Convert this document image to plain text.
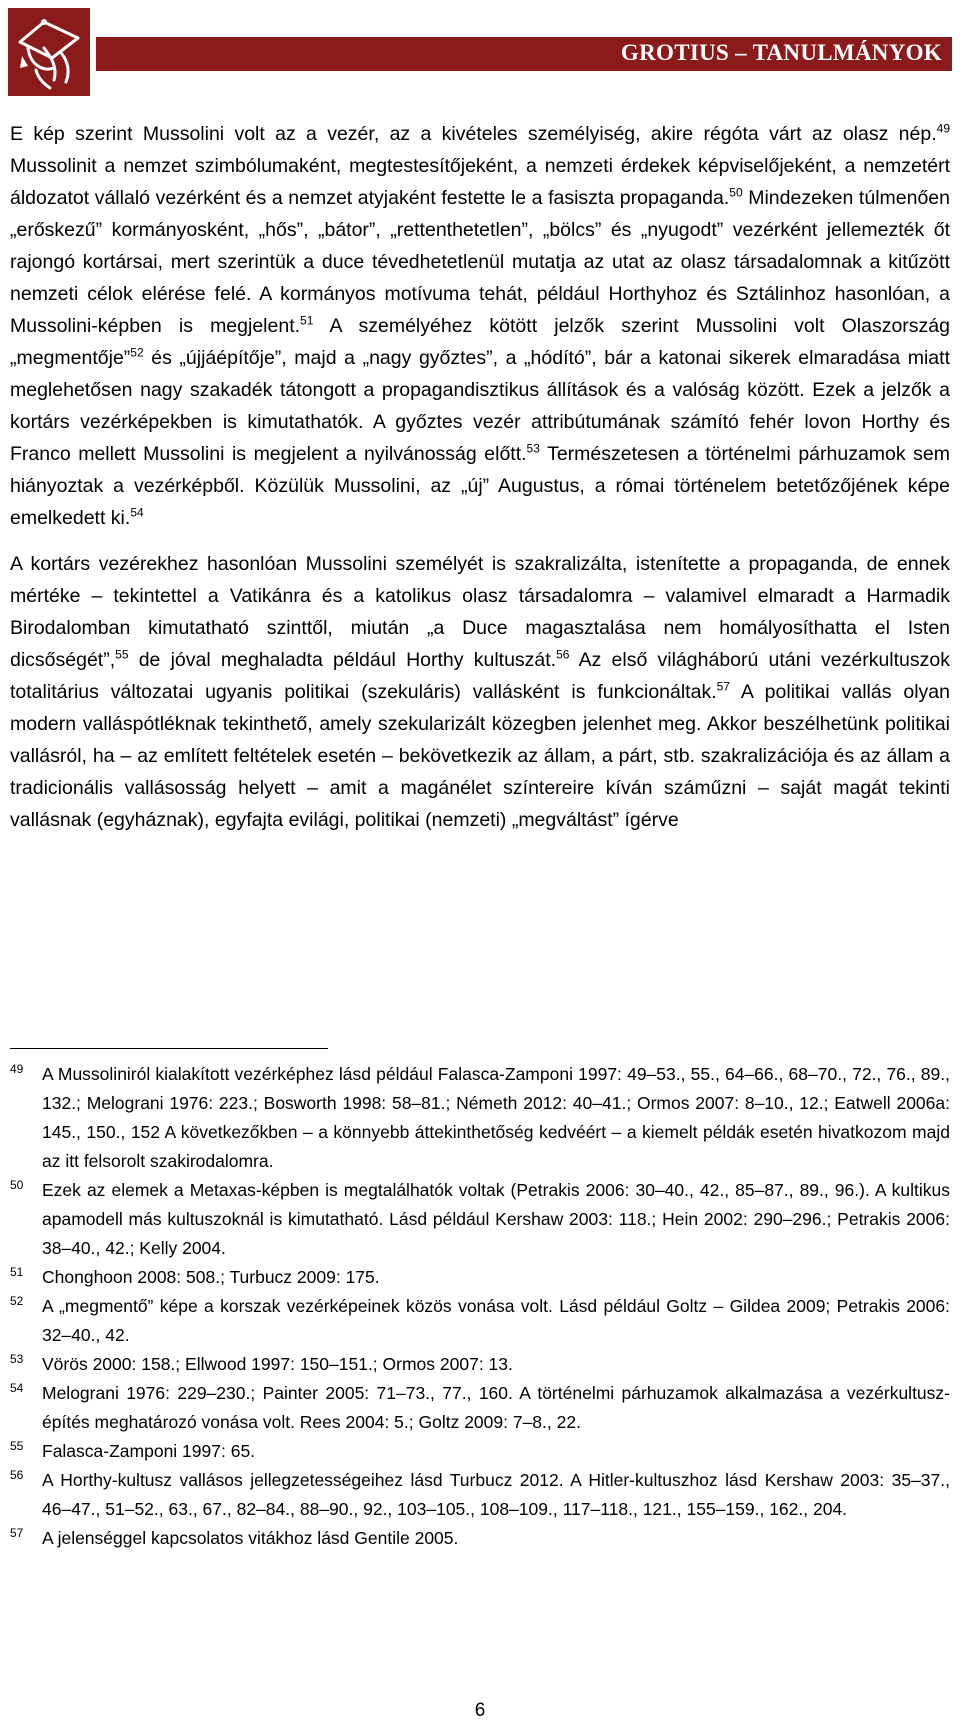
GROTIUS – TANULMÁNYOK

E kép szerint Mussolini volt az a vezér, az a kivételes személyiség, akire régóta várt az olasz nép.$^{49}$ Mussolinit a nemzet szimbólumaként, megtestesítőjeként, a nemzeti érdekek képviselőjeként, a nemzetért áldozatot vállaló vezérként és a nemzet atyjaként festette le a fasiszta propaganda.$^{50}$ Mindezeken túlmenően „erőskezű” kormányosként, „hős”, „bátor”, „rettenthetetlen”, „bölcs” és „nyugodt” vezérként jellemezték őt rajongó kortársai, mert szerintük a duce tévedhetetlenül mutatja az utat az olasz társadalomnak a kitűzött nemzeti célok elérése felé. A kormányos motívuma tehát, például Horthyhoz és Sztálinhoz hasonlóan, a Mussolini-képben is megjelent.$^{51}$ A személyéhez kötött jelzők szerint Mussolini volt Olaszország „megmentője”$^{52}$ és „újjáépítője”, majd a „nagy győztes”, a „hódító”, bár a katonai sikerek elmaradása miatt meglehetősen nagy szakadék tátongott a propagandisztikus állítások és a valóság között. Ezek a jelzők a kortárs vezérképekben is kimutathatók. A győztes vezér attribútumának számító fehér lovon Horthy és Franco mellett Mussolini is megjelent a nyilvánosság előtt.$^{53}$ Természetesen a történelmi párhuzamok sem hiányoztak a vezérképből. Közülük Mussolini, az „új” Augustus, a római történelem betetőzőjének képe emelkedett ki.$^{54}$

A kortárs vezérekhez hasonlóan Mussolini személyét is szakralizálta, istenítette a propaganda, de ennek mértéke – tekintettel a Vatikánra és a katolikus olasz társadalomra – valamivel elmaradt a Harmadik Birodalomban kimutatható szinttől, miután „a Duce magasztalása nem homályosíthatta el Isten dicsőségét”,$^{55}$ de jóval meghaladta például Horthy kultuszát.$^{56}$ Az első világháború utáni vezérkultuszok totalitárius változatai ugyanis politikai (szekuláris) vallásként is funkcionáltak.$^{57}$ A politikai vallás olyan modern valláspótléknak tekinthető, amely szekularizált közegben jelenhet meg. Akkor beszélhetünk politikai vallásról, ha – az említett feltételek esetén – bekövetkezik az állam, a párt, stb. szakralizációja és az állam a tradicionális vallásosság helyett – amit a magánélet színtereire kíván száműzni – saját magát tekinti vallásnak (egyháznak), egyfajta evilági, politikai (nemzeti) „megváltást” ígérve

49 A Mussoliniról kialakított vezérképhez lásd például Falasca-Zamponi 1997: 49–53., 55., 64–66., 68–70., 72., 76., 89., 132.; Melograni 1976: 223.; Bosworth 1998: 58–81.; Németh 2012: 40–41.; Ormos 2007: 8–10., 12.; Eatwell 2006a: 145., 150., 152 A következőkben – a könnyebb áttekinthetőség kedvéért – a kiemelt példák esetén hivatkozom majd az itt felsorolt szakirodalomra.

50 Ezek az elemek a Metaxas-képben is megtalálhatók voltak (Petrakis 2006: 30–40., 42., 85–87., 89., 96.). A kultikus apamodell más kultuszoknál is kimutatható. Lásd például Kershaw 2003: 118.; Hein 2002: 290–296.; Petrakis 2006: 38–40., 42.; Kelly 2004.

51 Chonghoon 2008: 508.; Turbucz 2009: 175.

52 A „megmentő” képe a korszak vezérképeinek közös vonása volt. Lásd például Goltz – Gildea 2009; Petrakis 2006: 32–40., 42.

53 Vörös 2000: 158.; Ellwood 1997: 150–151.; Ormos 2007: 13.

54 Melograni 1976: 229–230.; Painter 2005: 71–73., 77., 160. A történelmi párhuzamok alkalmazása a vezérkultusz-építés meghatározó vonása volt. Rees 2004: 5.; Goltz 2009: 7–8., 22.

55 Falasca-Zamponi 1997: 65.

56 A Horthy-kultusz vallásos jellegzetességeihez lásd Turbucz 2012. A Hitler-kultuszhoz lásd Kershaw 2003: 35–37., 46–47., 51–52., 63., 67., 82–84., 88–90., 92., 103–105., 108–109., 117–118., 121., 155–159., 162., 204.

57 A jelenséggel kapcsolatos vitákhoz lásd Gentile 2005.

6
